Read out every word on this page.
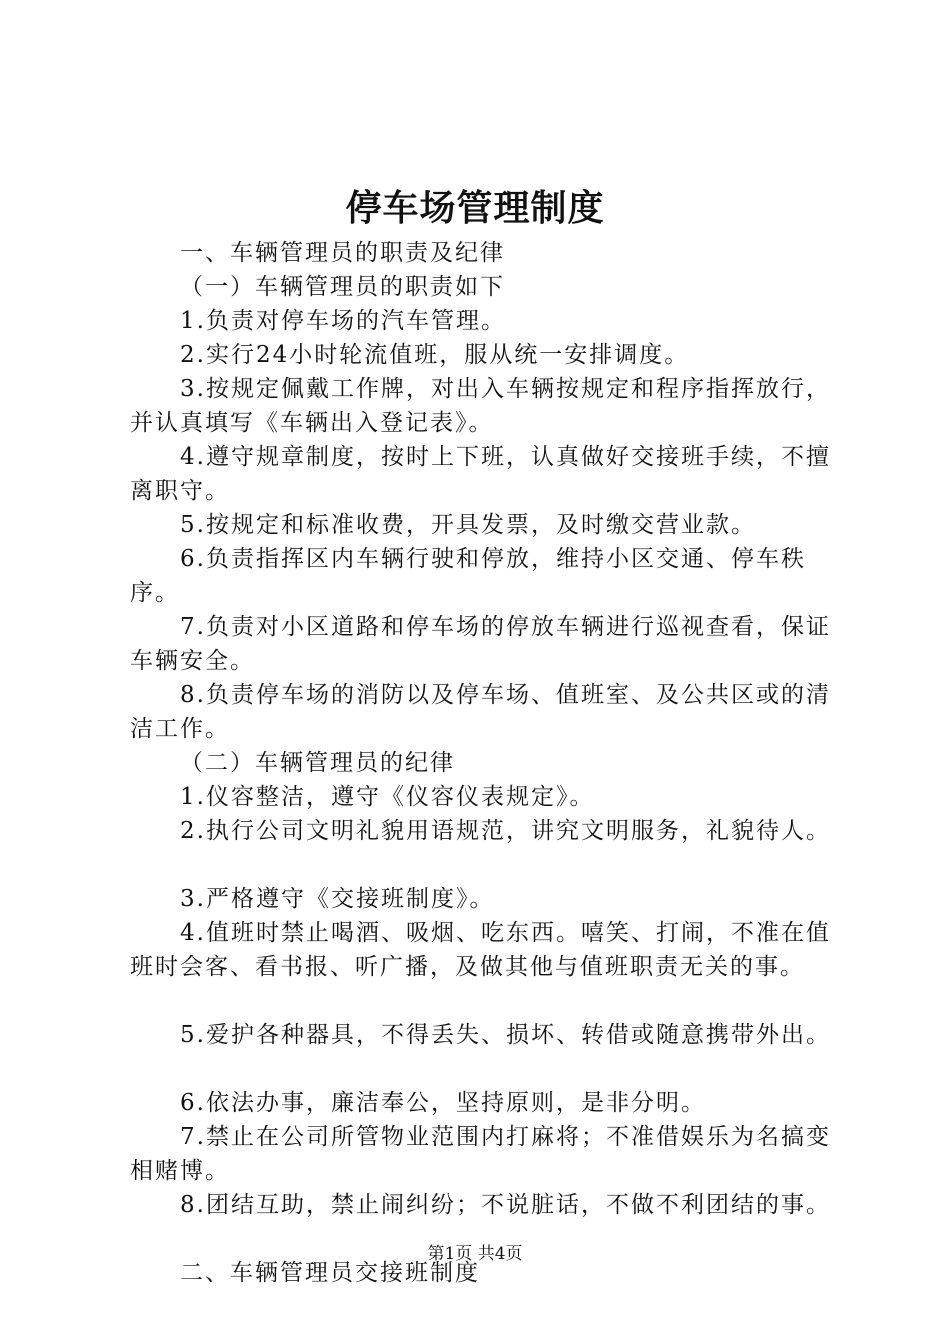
停车场管理制度

一、车辆管理员的职责及纪律

（一）车辆管理员的职责如下

1.负责对停车场的汽车管理。

2.实行24小时轮流值班，服从统一安排调度。

3.按规定佩戴工作牌，对出入车辆按规定和程序指挥放行，并认真填写《车辆出入登记表》。

4.遵守规章制度，按时上下班，认真做好交接班手续，不擅离职守。

5.按规定和标准收费，开具发票，及时缴交营业款。

6.负责指挥区内车辆行驶和停放，维持小区交通、停车秩序。

7.负责对小区道路和停车场的停放车辆进行巡视查看，保证车辆安全。

8.负责停车场的消防以及停车场、值班室、及公共区或的清洁工作。

（二）车辆管理员的纪律

1.仪容整洁，遵守《仪容仪表规定》。

2.执行公司文明礼貌用语规范，讲究文明服务，礼貌待人。

3.严格遵守《交接班制度》。

4.值班时禁止喝酒、吸烟、吃东西。嘻笑、打闹，不准在值班时会客、看书报、听广播，及做其他与值班职责无关的事。

5.爱护各种器具，不得丢失、损坏、转借或随意携带外出。

6.依法办事，廉洁奉公，坚持原则，是非分明。

7.禁止在公司所管物业范围内打麻将；不准借娱乐为名搞变相赌博。

8.团结互助，禁止闹纠纷；不说脏话，不做不利团结的事。

二、车辆管理员交接班制度

第1页 共4页
